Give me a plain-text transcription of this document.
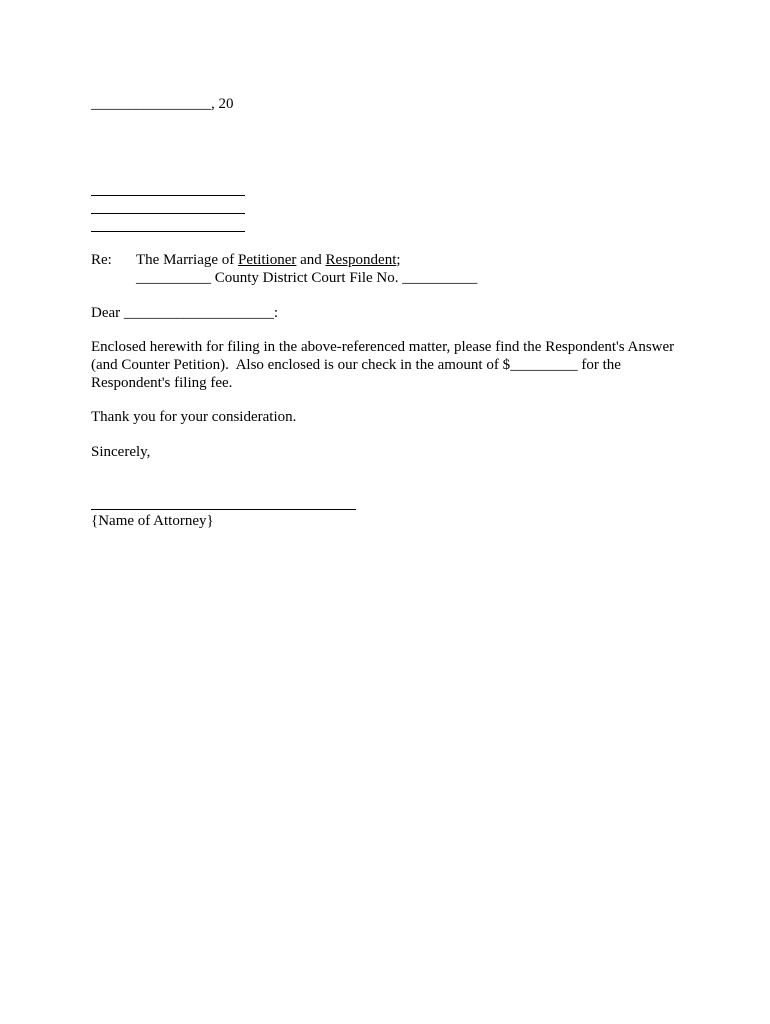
________________, 20
Re: The Marriage of Petitioner and Respondent;
__________ County District Court File No. __________
Dear ____________________:
Enclosed herewith for filing in the above-referenced matter, please find the Respondent's Answer
(and Counter Petition).  Also enclosed is our check in the amount of $_________ for the
Respondent's filing fee.
Thank you for your consideration.
Sincerely,
{Name of Attorney}
